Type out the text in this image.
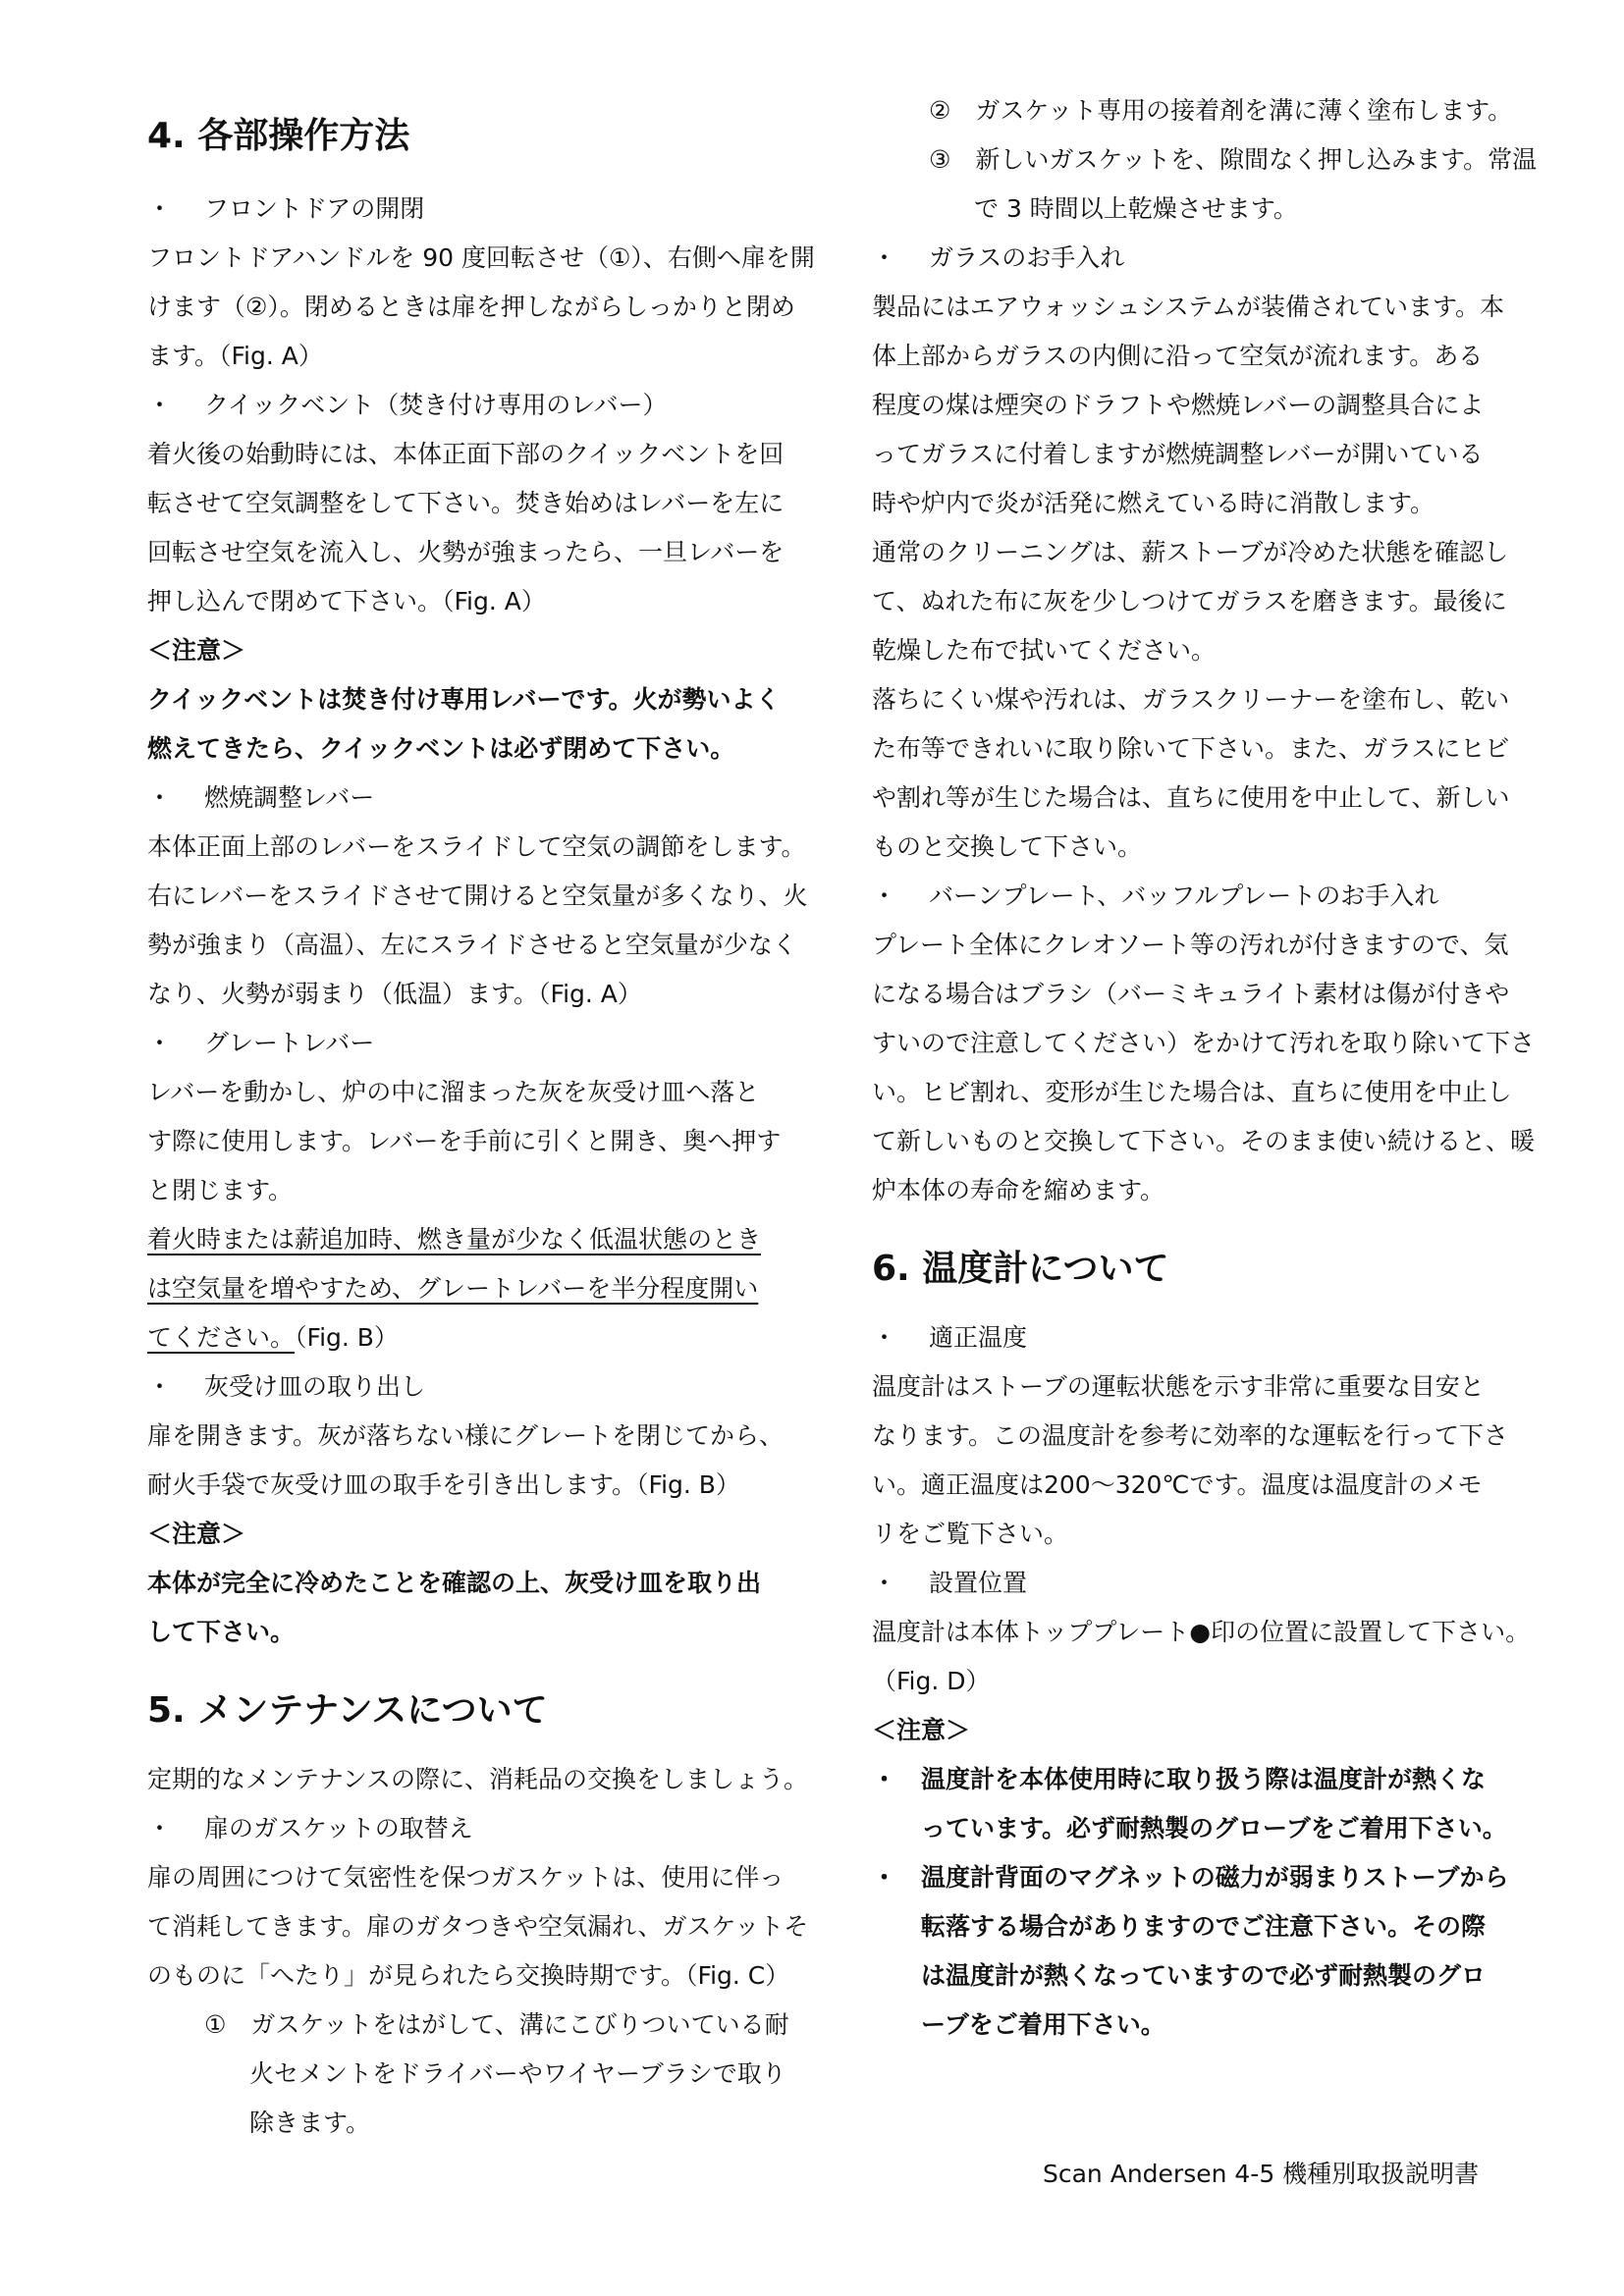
4. 各部操作方法
・　 フロントドアの開閉
フロントドアハンドルを 90 度回転させ（①）、右側へ扉を開
けます（②）。閉めるときは扉を押しながらしっかりと閉め
ます。（Fig. A）
・　 クイックベント（焚き付け専用のレバー）
着火後の始動時には、本体正面下部のクイックベントを回
転させて空気調整をして下さい。焚き始めはレバーを左に
回転させ空気を流入し、火勢が強まったら、一旦レバーを
押し込んで閉めて下さい。（Fig. A）
＜注意＞
クイックベントは焚き付け専用レバーです。火が勢いよく
燃えてきたら、クイックベントは必ず閉めて下さい。
・　 燃焼調整レバー
本体正面上部のレバーをスライドして空気の調節をします。
右にレバーをスライドさせて開けると空気量が多くなり、火
勢が強まり（高温）、左にスライドさせると空気量が少なく
なり、火勢が弱まり（低温）ます。（Fig. A）
・　 グレートレバー
レバーを動かし、炉の中に溜まった灰を灰受け皿へ落と
す際に使用します。レバーを手前に引くと開き、奥へ押す
と閉じます。
着火時または薪追加時、燃き量が少なく低温状態のとき
は空気量を増やすため、グレートレバーを半分程度開い
てください。（Fig. B）
・　 灰受け皿の取り出し
扉を開きます。灰が落ちない様にグレートを閉じてから、
耐火手袋で灰受け皿の取手を引き出します。（Fig. B）
＜注意＞
本体が完全に冷めたことを確認の上、灰受け皿を取り出
して下さい。
5. メンテナンスについて
定期的なメンテナンスの際に、消耗品の交換をしましょう。
・　 扉のガスケットの取替え
扉の周囲につけて気密性を保つガスケットは、使用に伴っ
て消耗してきます。扉のガタつきや空気漏れ、ガスケットそ
のものに「へたり」が見られたら交換時期です。（Fig. C）
①　ガスケットをはがして、溝にこびりついている耐
火セメントをドライバーやワイヤーブラシで取り
除きます。
②　ガスケット専用の接着剤を溝に薄く塗布します。
③　新しいガスケットを、隙間なく押し込みます。常温
で 3 時間以上乾燥させます。
・　 ガラスのお手入れ
製品にはエアウォッシュシステムが装備されています。本
体上部からガラスの内側に沿って空気が流れます。ある
程度の煤は煙突のドラフトや燃焼レバーの調整具合によ
ってガラスに付着しますが燃焼調整レバーが開いている
時や炉内で炎が活発に燃えている時に消散します。
通常のクリーニングは、薪ストーブが冷めた状態を確認し
て、ぬれた布に灰を少しつけてガラスを磨きます。最後に
乾燥した布で拭いてください。
落ちにくい煤や汚れは、ガラスクリーナーを塗布し、乾い
た布等できれいに取り除いて下さい。また、ガラスにヒビ
や割れ等が生じた場合は、直ちに使用を中止して、新しい
ものと交換して下さい。
・　 バーンプレート、バッフルプレートのお手入れ
プレート全体にクレオソート等の汚れが付きますので、気
になる場合はブラシ（バーミキュライト素材は傷が付きや
すいので注意してください）をかけて汚れを取り除いて下さ
い。ヒビ割れ、変形が生じた場合は、直ちに使用を中止し
て新しいものと交換して下さい。そのまま使い続けると、暖
炉本体の寿命を縮めます。
6. 温度計について
・　 適正温度
温度計はストーブの運転状態を示す非常に重要な目安と
なります。この温度計を参考に効率的な運転を行って下さ
い。適正温度は200～320℃です。温度は温度計のメモ
リをご覧下さい。
・　 設置位置
温度計は本体トッププレート●印の位置に設置して下さい。
（Fig. D）
＜注意＞
・ 温度計を本体使用時に取り扱う際は温度計が熱くな
っています。必ず耐熱製のグローブをご着用下さい。
・ 温度計背面のマグネットの磁力が弱まりストーブから
転落する場合がありますのでご注意下さい。その際
は温度計が熱くなっていますので必ず耐熱製のグロ
ーブをご着用下さい。
Scan Andersen 4-5 機種別取扱説明書
